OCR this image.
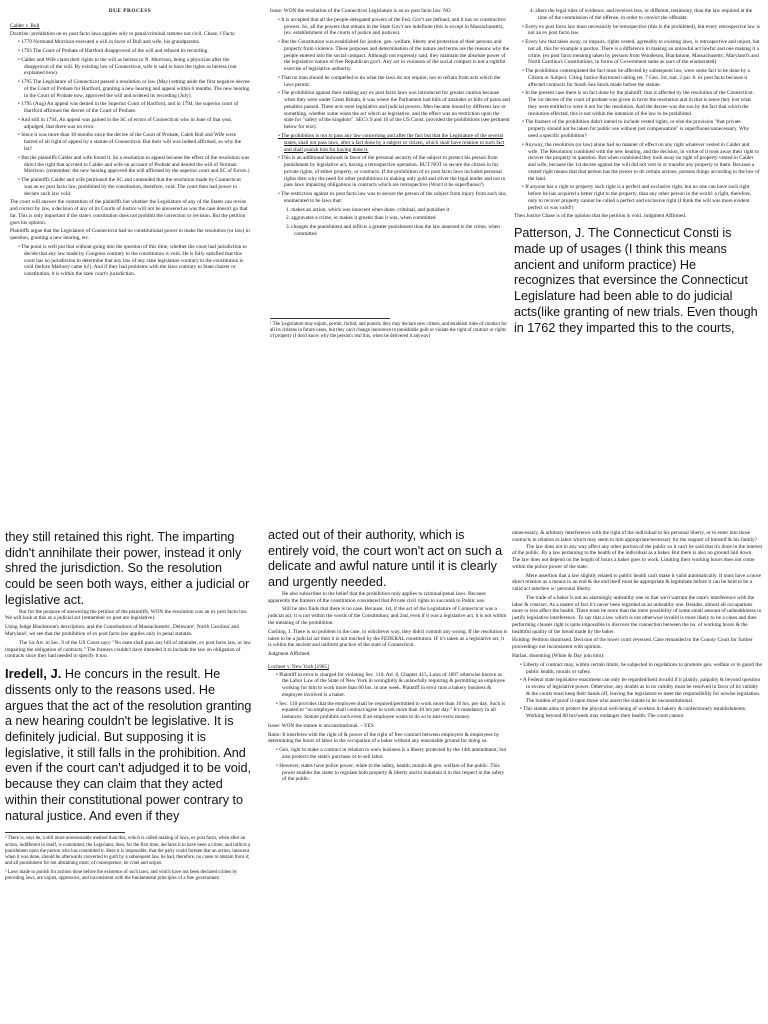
DUE PROCESS
Calder v. Bull

Doctrine: prohibition on ex post facto laws applies only to penal/criminal statutes not civil. Chase, J Facts:

• 1779 Normand Morrison executed a will in favor of Bull and wife, his grandparents.
• 1793 The Court of Probate of Hartford disapproved of the will and refused its recording.
• Calder and Wife claim their rights to the will as heiress to N. Morrison, being a physician after the disapproval of the will. By existing law of Connecticut, wife is said to have the rights as heiress (not explained how).
• 1795 The Legislature of Connecticut passed a resolution or law (May) setting aside the first negative decree of the Court of Probate for Hartford, granting a new hearing and appeal within 6 months. The new hearing in the Court of Probate now, approved the will and ordered its recording (July).
• 1795 (Aug) An appeal was denied in the Superior Court of Hartford, and in 1794, the superior court of Hartford affirmed the decree of the Court of Probate.
• And still in 1794, An appeal was gained in the SC of errors of Connecticut who in June of that year, adjudged, that there was no error.
• Since it was more than 18 months since the decree of the Court of Probate, Caleb Bull and Wife were barred of all right of appeal by a statute of Connecticut. But their will was indeed affirmed, so why the lot?

• But the plaintiffs Calder and wife found it. So a resolution to appeal became the effect of the resolution was direct the right that accrued to Calder and wife on account of Probate and denied the will of Norman Morrison. (remember: the new hearing approved the will affirmed by the superior court and SC of Errors.)

• The plaintiffs Calder and wife petitioned the SC and contended that the resolution made by Connecticut was an ex post facto law, prohibited by the constitution, therefore, void. The court then had power to declare such law void.

The court will answer the contention of the plaintiffs but whether the Legislature of any of the States can revise and correct by law, a decision of any of its Courts of Justice will not be answered as was the case doesn't go that far. This is only important if the state's constitution does not prohibit the correction or revision. But the petition goes his opinion.

Plaintiffs argue that the Legislature of Connecticut had no constitutional power to make the resolution (or law) in question, granting a new hearing, etc.

• The point is well put that without going into the question of this time, whether the court had jurisdiction to decide that any law made by Congress contrary to the constitution is void. He is fully satisfied that this court has no jurisdiction to determine that any law of any state legislature contrary to the constitution is void (before Marbury came in!). And if they had problems with the laws contrary to State charter or constitution, it is within the state court's jurisdiction.

Issue: WON the resolution of the Connecticut Legislature is an ex post facto law. NO

• It is accepted that all the people-delegated powers of the Fed. Gov't are defined, and it has no constructive powers. So, all the powers that remain in the State Gov't are indefinite (this is except in Massachusetts), (ex. establishment of the courts of justice and justices).
• But the Constitution was established for justice, gen. welfare, liberty and protection of their persons and property from violence. These purposes and determination of the nature and terms are the reasons why the people entered into the social compact. Although not expressly said, they maintain the absolute power of the legislative nature of free Republican gov't. Any act in violation of the social compact is not a rightful exercise of legislative authority.
• That no man should be compelled to do what the laws do not require, nor to refrain from acts which the laws permit.
• The prohibition against their making any ex post facto laws was introduced for greater caution because when they were under Great Britain, it was where the Parliament had bills of attainder or bills of pains and penalties passed. These acts were legislative and judicial powers. Men became bound by different law or something, whether some when the act which as legislative, and the effect was no restriction upon the state for "safety of the kingdom". SEC's 9 and 10 of the US Const. provided the prohibitions (see pertinent below for text).
• The prohibition is not to pass any law concerning and after the fact but that the Legislature of the several states, shall not pass laws, after a fact done by a subject or citizen, which shall have relation to such fact and shall punish him for having done it.
• This is an additional bulwark in favor of the personal security of the subject to protect his person from punishment by legislative act, having a retrospective operation. BUT NOT to secure the citizen in his private rights, of either property, or contracts. If the prohibition of ex post facto laws included personal rights then why the need for other prohibitions in making only gold and silver the legal tender and not to pass laws impairing obligations in contracts which are retrospective (Won't it be superfluous?)
• The restriction against ex post facto law was to secure the person of the subject from injury from such law, enumerated to be laws that:
1. makes an action, which was innocent when done, criminal, and punishes it
2. aggravates a crime, or makes it greater than it was, when committed
3. changes the punishment and inflicts a greater punishment than the law annexed to the crime, when committed

¹ The Legislature may enjoin, permit, forbid, and punish; they may declare new crimes, and establish rules of conduct for all its citizens in future cases, but they can't change innocence to punishable guilt or violate the right of contract or rights of property (I don't know why the person's real this, when he delivered it anyway)

4. alters the legal rules of evidence, and receives less, or different, testimony, than the law required at the time of the commission of the offense, in order to convict the offender.
• Every ex post facto law must necessarily be retrospective (this is the prohibited), but every retrospective law is not an ex post facto law.
• Every law that takes away, or impairs, rights vested, agreeably to existing laws, is retrospective and unjust, but not all, this for example a pardon. There is a difference in making an unlawful act lawful and one making it a crime. (ex post facto meaning taken by persons from Woodeson, Blackstone, Massachusetts', Maryland's and North Carolina's Constitutions, in forms of Government same as ours of the enumerated)
• The prohibition contemplated the fact must be affected by subsequent law, were some fact to be done by a Citizen or Subject. Citing Justice Raymond calling ret. 7 Geo. 1st, stat. 2 par. 8. ex post facto because it affected contracts for South Sea Stock made before the statute.

• In the present case there is no fact done by the plaintiff, that is affected by the resolution of the Connecticut. The 1st decree of the court of probate was given in favor the resolution and in that is sense they lost what they were entitled to were it not for the resolution. And the decree was the son by the fact that which the resolution effected, this is not within the intention of the law to be prohibited.

• The framers of the prohibition didn't intend to include vested rights, or else the provision "that private property should not be taken for public use without just compensation" is superfluous/unnecessary. Why need a specific prohibition?

• Anyway, the resolution (or law) alone had no manner of effect on any right whatever vested in Calder and wife. The Resolution combined with the new hearing, and the decision, in virtue of it took away their right to recover the property in question. But when combined they took away no right of property vested in Calder and wife, because the 1st decree against the will did not vest in or transfer any property to them. Because a vested right means that that person has the power to do certain actions, possess things according to the law of the land.

• If anyone has a right to property such right is a perfect and exclusive right, but no one can have such right before he has acquired a better right to the property, than any other person in the world: a right, therefore, only to recover property cannot be called a perfect and exclusive right (I think the will was more evident perfect or was valid!)

Then Justice Chase is of the opinion that the petition is void. Judgment Affirmed.

Patterson, J. The Connecticut Consti is made up of usages (I think this means ancient and uniform practice) He recognizes that eversince the Connecticut Legislature had been able to do judicial acts(like granting of new trials. Even though in 1762 they imparted this to the courts,
they still retained this right. The imparting didn't annihilate their power, instead it only shred the jurisdiction. So the resolution could be seen both ways, either a judicial or legislative act.

But for the purpose of answering the petition of the plaintiffs, WON the resolution was an ex post facto law. We will look at this as a judicial act (remember ex post are legislative).

Using Judge Blackstone's description, and the Constitutions of Massachusetts', Delaware', North Carolina' and Maryland', we see that the prohibition of ex post facto law applies only in penal statutes.

The 1st Art. in Sec. 9 of the US Const says: "No state shall pass any bill of attainder, ex post facto law, or law impairing the obligation of contracts." The framers couldn't have intended it to include the law on obligation of contracts since they had needed to specify it too.

Iredell, J. He concurs in the result. He dissents only to the reasons used. He argues that the act of the resolution granting a new hearing couldn't be legislative. It is definitely judicial. But supposing it is legislative, it still falls in the prohibition. And even if the court can't adjudged it to be void, because they can claim that they acted within their constitutional power contrary to natural justice. And even if they

² There is, says he, a still more unreasonable method than this, which is called making of laws, ex post facto, when after an action, indifferent in itself, is committed, the Legislator, then, for the first time, declares it to have been a crime, and inflicts a punishment upon the person who has committed it. Here it is impossible, that the party could foresee that an action, innocent when it was done, should be afterwards converted to guilt by a subsequent law, he had, therefore, no cause to abstain from it; and all punishment for not abstaining must, of consequence, be cruel and unjust.

³ Laws made to punish for actions done before the existence of such laws, and which have not been declared crimes by preceding laws, are unjust, oppressive, and inconsistent with the fundamental principles of a free government.

acted out of their authority, which is entirely void, the court won't act on such a delicate and awful nature until it is clearly and urgently needed.

He also subscribes to the belief that the prohibition only applies to criminal/penal laws. Because apparently the framers of the constitution considered that Private civil rights to succumb to Public use.

Still he also finds that there is no case. Because, 1st, if the act of the Legislature of Connecticut was a judicial act, it is not within the words of the Constitution; and 2nd, even if it was a legislative act, it is not within the meaning of the prohibition.

Cushing, J. There is no problem in the case, in whichever way, they didn't commit any wrong. If the resolution is taken to be a judicial act then it is not touched by the FEDERAL constitution. IF it's taken as a legislative act, it is within the ancient and uniform practice of the state of Connecticut.

Judgment Affirmed.

Lochner v. New York [1905]
• Plaintiff in error is charged for violating Sec. 110, Art. 8, Chapter 415, Laws of 1897 otherwise known as the Labor Law of the State of New York in wrongfully & unlawfully requiring & permitting an employee working for him to work more than 60 hrs. in one week. Plaintiff in error runs a bakery business & employee involved is a baker.
• Sec. 110 provides that the employee shall be required/permitted to work more than 10 hrs. per day. Such is equated to "no employee shall contract/agree to work more than 10 hrs per day." It's mandatory in all instances. Statute prohibits such even if an employee wants to do so to earn extra money.

Issue: WON the statute is unconstitutional. – YES

Ratio: It interferes with the right of & power of the right of free contract between employers & employees by determining the hours of labor in the occupation of a baker without any reasonable ground for doing so.

• Gen. right to make a contract in relation to one's business is a liberty protected by the 14th amendment; but also protects the state's purchase or to sell labor.
• However, states have police power, relate to the safety, health, morals & gen. welfare of the public. This power enables the states to regulate both property & liberty and to maintain it in this respect in the safety of the public.
unnecessary, & arbitrary interference with the right of the individual to his personal liberty, or to enter into those contracts in relation to labor which may seem to him appropriate/necessary for the support of himself & his family?

The law does not in any way affect any other portion of the public so it can't be said that it's done in the interest of the public. By a law pertaining to the health of the individual as a baker. But there is also no ground laid down. The law does not depend on the length of hours a baker goes to work. Limiting their working hours does not come within the police power of the state.

Mere assertion that a law slightly related to public health can't make it valid automatically. It must have a more direct relation as a means to an end & the end itself must be appropriate & legitimate before it can be held to be a valid act interfere w/ personal liberty.

The trade of a baker is not an alarmingly unhealthy one so that we'd warrant the state's interference with the labor & contract. As a matter of fact it's never been regarded as an unhealthy one. Besides, almost all occupations more or less affect the health. There must be more than the mere possibility of some small amount of unhealthiness to justify legislative interference. To say that a law which is not otherwise invalid is more likely to be a clean and then performing clauses right is quite impossible to discover the connection between the no. of working hours & the healthful quality of the bread made by the baker.

Holding: Petition dismissed. Decision of the lower court reversed. Case remanded to the County Court for further proceedings not inconsistent with opinion.

Harlan, dissenting (White & Day join him):

• Liberty of contract may, within certain limits, be subjected to regulations to promote gen. welfare or to guard the public health, morals or safety.
• A Federal state legislative enactment can only be regarded/held invalid if it plainly, palpably & beyond question in excess of legislative power. Otherwise, any doubts as to its validity must be resolved in favor of its validity & the courts must keep their hands off, leaving the legislature to meet the responsibility for unwise legislation. The burden of proof is upon those who assert the statute to be unconstitutional.
• This statute aims to protect the physical well-being of workers in bakery & confectionery establishments. Working beyond 60 hrs/week may endanger their health. The court cannot
